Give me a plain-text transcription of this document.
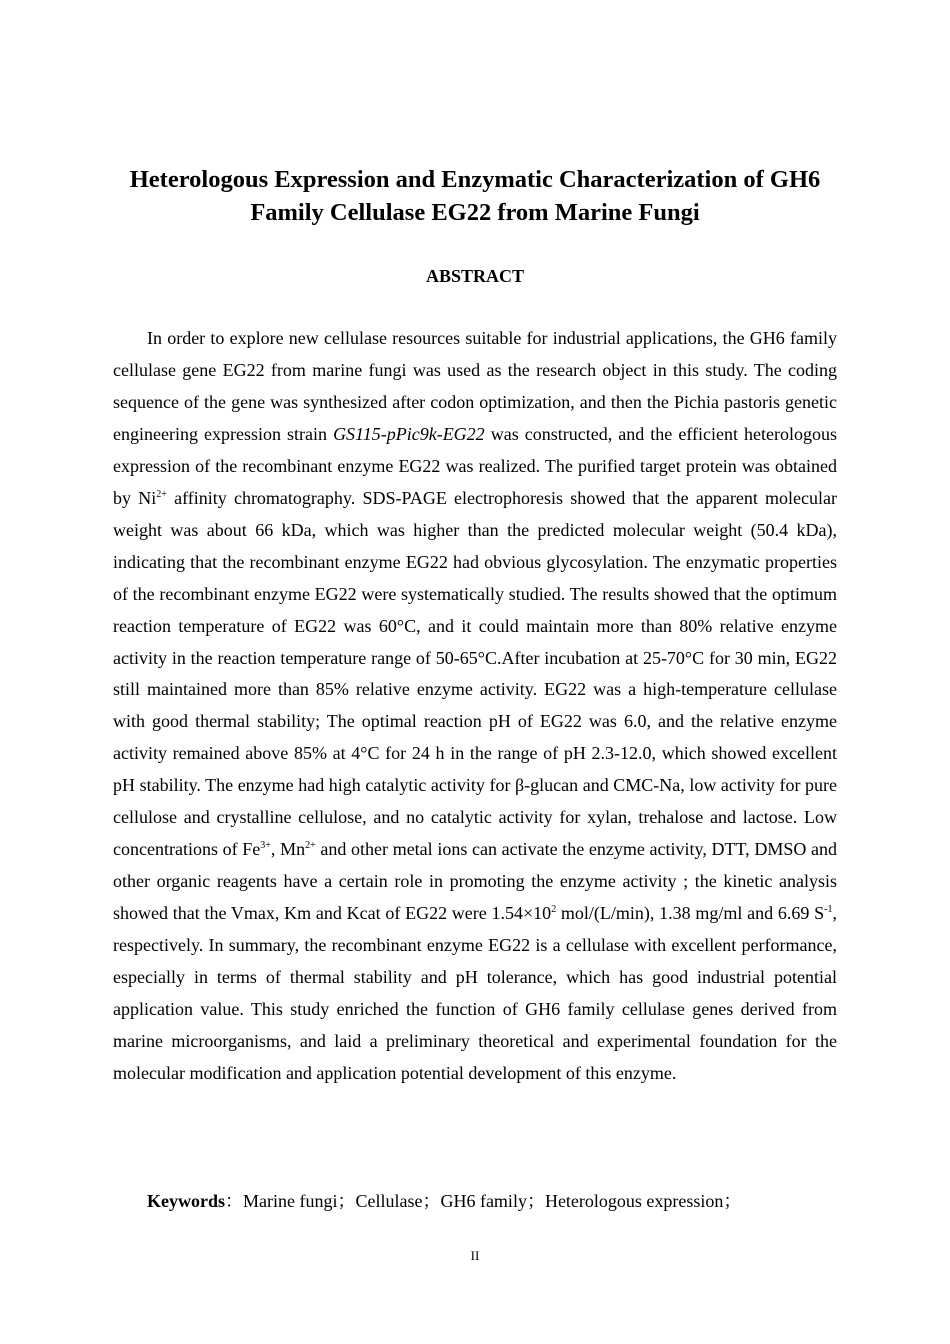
Heterologous Expression and Enzymatic Characterization of GH6
Family Cellulase EG22 from Marine Fungi
ABSTRACT

In order to explore new cellulase resources suitable for industrial applications, the GH6 family cellulase gene EG22 from marine fungi was used as the research object in this study. The coding sequence of the gene was synthesized after codon optimization, and then the Pichia pastoris genetic engineering expression strain GS115-pPic9k-EG22 was constructed, and the efficient heterologous expression of the recombinant enzyme EG22 was realized. The purified target protein was obtained by $Ni^{2+}$ affinity chromatography. SDS-PAGE electrophoresis showed that the apparent molecular weight was about 66 kDa, which was higher than the predicted molecular weight (50.4 kDa), indicating that the recombinant enzyme EG22 had obvious glycosylation. The enzymatic properties of the recombinant enzyme EG22 were systematically studied. The results showed that the optimum reaction temperature of EG22 was 60°C, and it could maintain more than 80% relative enzyme activity in the reaction temperature range of 50-65°C.After incubation at 25-70°C for 30 min, EG22 still maintained more than 85% relative enzyme activity. EG22 was a high-temperature cellulase with good thermal stability; The optimal reaction pH of EG22 was 6.0, and the relative enzyme activity remained above 85% at 4°C for 24 h in the range of pH 2.3-12.0, which showed excellent pH stability. The enzyme had high catalytic activity for β-glucan and CMC-Na, low activity for pure cellulose and crystalline cellulose, and no catalytic activity for xylan, trehalose and lactose. Low concentrations of $Fe^{3+}$, $Mn^{2+}$ and other metal ions can activate the enzyme activity, DTT, DMSO and other organic reagents have a certain role in promoting the enzyme activity ; the kinetic analysis showed that the Vmax, Km and Kcat of EG22 were $1.54\times 10^2$ mol/(L/min), 1.38 mg/ml and 6.69 $S^{-1}$, respectively. In summary, the recombinant enzyme EG22 is a cellulase with excellent performance, especially in terms of thermal stability and pH tolerance, which has good industrial potential application value. This study enriched the function of GH6 family cellulase genes derived from marine microorganisms, and laid a preliminary theoretical and experimental foundation for the molecular modification and application potential development of this enzyme.

Keywords：Marine fungi；Cellulase；GH6 family；Heterologous expression；

II
